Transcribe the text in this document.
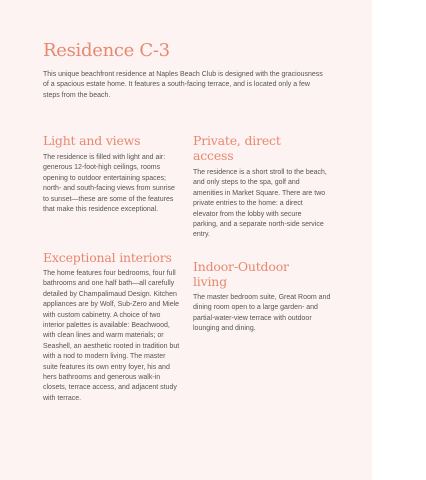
Residence C-3

This unique beachfront residence at Naples Beach Club is designed with the graciousness of a spacious estate home. It features a south-facing terrace, and is located only a few steps from the beach.

Light and views

The residence is filled with light and air: generous 12-foot-high ceilings, rooms opening to outdoor entertaining spaces; north- and south-facing views from sunrise to sunset—these are some of the features that make this residence exceptional.

Private, direct access

The residence is a short stroll to the beach, and only steps to the spa, golf and amenities in Market Square. There are two private entries to the home: a direct elevator from the lobby with secure parking, and a separate north-side service entry.

Exceptional interiors

The home features four bedrooms, four full bathrooms and one half bath—all carefully detailed by Champalimaud Design. Kitchen appliances are by Wolf, Sub-Zero and Miele with custom cabinetry. A choice of two interior palettes is available: Beachwood, with clean lines and warm materials; or Seashell, an aesthetic rooted in tradition but with a nod to modern living. The master suite features its own entry foyer, his and hers bathrooms and generous walk-in closets, terrace access, and adjacent study with terrace.

Indoor-Outdoor living

The master bedroom suite, Great Room and dining room open to a large garden- and partial-water-view terrace with outdoor lounging and dining.
